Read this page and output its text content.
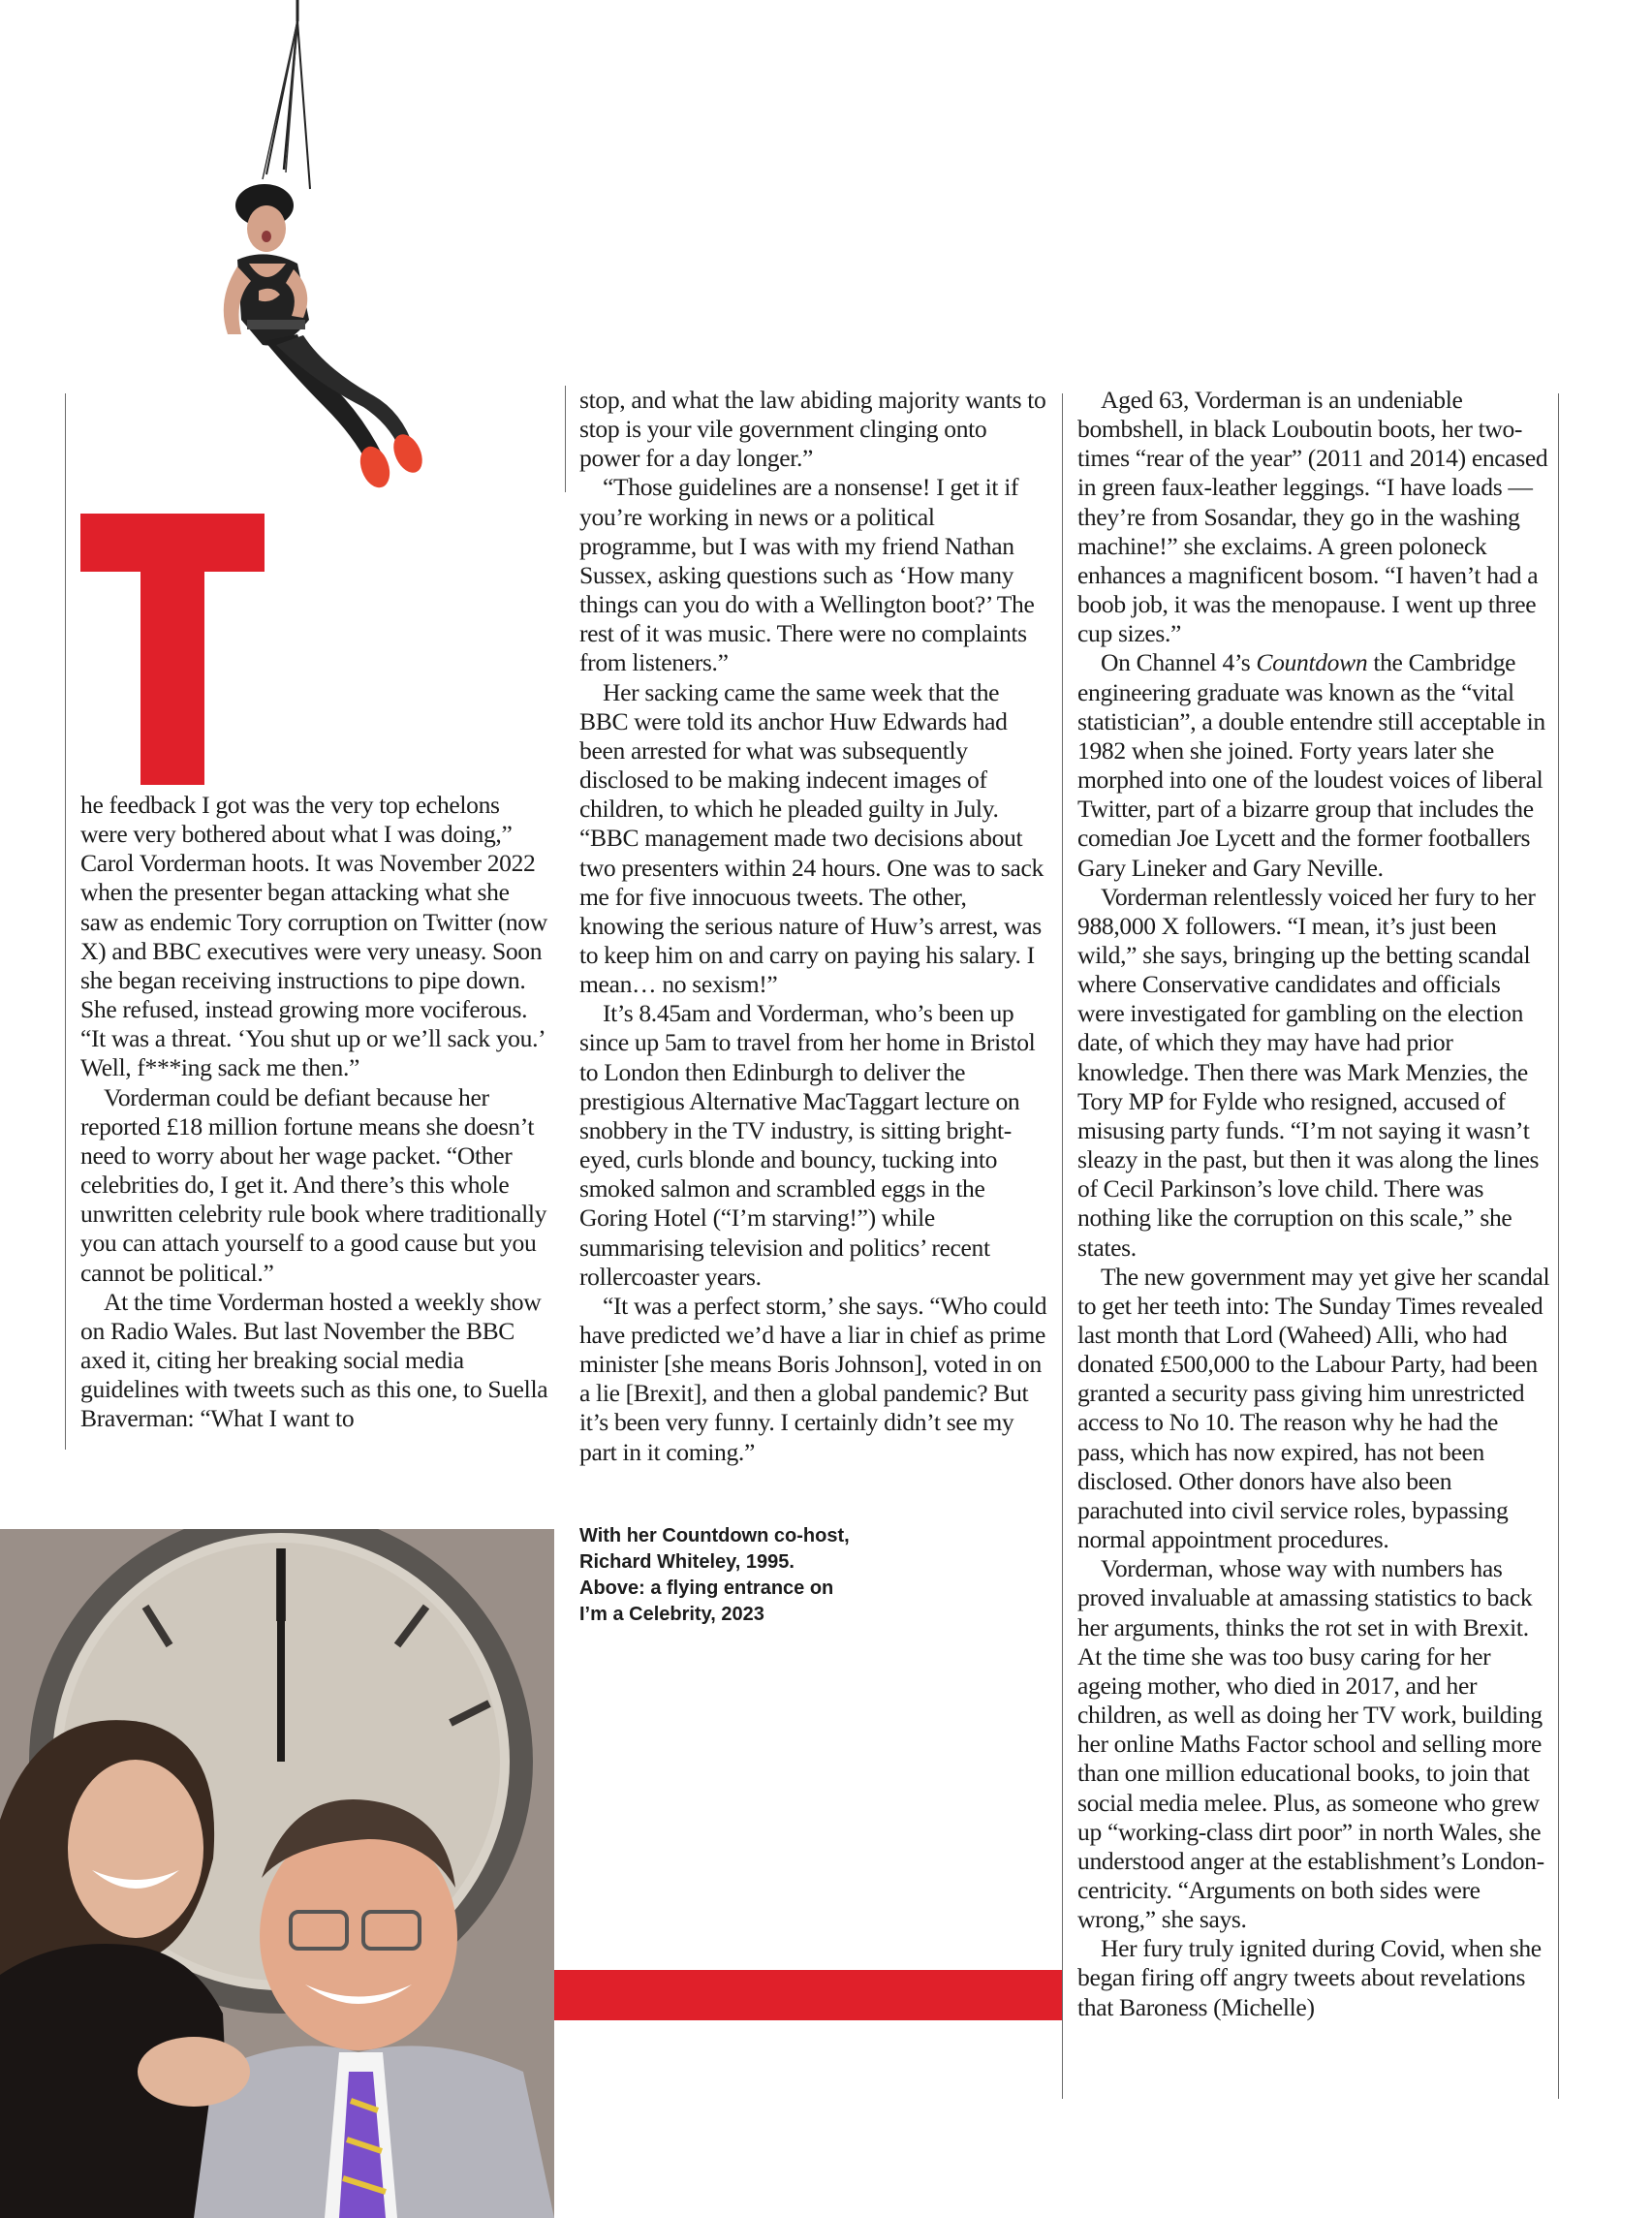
he feedback I got was the very top echelons were very bothered about what I was doing,” Carol Vorderman hoots. It was November 2022 when the presenter began attacking what she saw as endemic Tory corruption on Twitter (now X) and BBC executives were very uneasy. Soon she began receiving instructions to pipe down. She refused, instead growing more vociferous. “It was a threat. ‘You shut up or we’ll sack you.’ Well, f***ing sack me then.”

Vorderman could be defiant because her reported £18 million fortune means she doesn’t need to worry about her wage packet. “Other celebrities do, I get it. And there’s this whole unwritten celebrity rule book where traditionally you can attach yourself to a good cause but you cannot be political.”

At the time Vorderman hosted a weekly show on Radio Wales. But last November the BBC axed it, citing her breaking social media guidelines with tweets such as this one, to Suella Braverman: “What I want to

stop, and what the law abiding majority wants to stop is your vile government clinging onto power for a day longer.”

“Those guidelines are a nonsense! I get it if you’re working in news or a political programme, but I was with my friend Nathan Sussex, asking questions such as ‘How many things can you do with a Wellington boot?’ The rest of it was music. There were no complaints from listeners.”

Her sacking came the same week that the BBC were told its anchor Huw Edwards had been arrested for what was subsequently disclosed to be making indecent images of children, to which he pleaded guilty in July. “BBC management made two decisions about two presenters within 24 hours. One was to sack me for five innocuous tweets. The other, knowing the serious nature of Huw’s arrest, was to keep him on and carry on paying his salary. I mean… no sexism!”

It’s 8.45am and Vorderman, who’s been up since up 5am to travel from her home in Bristol to London then Edinburgh to deliver the prestigious Alternative MacTaggart lecture on snobbery in the TV industry, is sitting bright-eyed, curls blonde and bouncy, tucking into smoked salmon and scrambled eggs in the Goring Hotel (“I’m starving!”) while summarising television and politics’ recent rollercoaster years.

“It was a perfect storm,’ she says. “Who could have predicted we’d have a liar in chief as prime minister [she means Boris Johnson], voted in on a lie [Brexit], and then a global pandemic? But it’s been very funny. I certainly didn’t see my part in it coming.”

Aged 63, Vorderman is an undeniable bombshell, in black Louboutin boots, her two-times “rear of the year” (2011 and 2014) encased in green faux-leather leggings. “I have loads — they’re from Sosandar, they go in the washing machine!” she exclaims. A green poloneck enhances a magnificent bosom. “I haven’t had a boob job, it was the menopause. I went up three cup sizes.”

On Channel 4’s Countdown the Cambridge engineering graduate was known as the “vital statistician”, a double entendre still acceptable in 1982 when she joined. Forty years later she morphed into one of the loudest voices of liberal Twitter, part of a bizarre group that includes the comedian Joe Lycett and the former footballers Gary Lineker and Gary Neville.

Vorderman relentlessly voiced her fury to her 988,000 X followers. “I mean, it’s just been wild,” she says, bringing up the betting scandal where Conservative candidates and officials were investigated for gambling on the election date, of which they may have had prior knowledge. Then there was Mark Menzies, the Tory MP for Fylde who resigned, accused of misusing party funds. “I’m not saying it wasn’t sleazy in the past, but then it was along the lines of Cecil Parkinson’s love child. There was nothing like the corruption on this scale,” she states.

The new government may yet give her scandal to get her teeth into: The Sunday Times revealed last month that Lord (Waheed) Alli, who had donated £500,000 to the Labour Party, had been granted a security pass giving him unrestricted access to No 10. The reason why he had the pass, which has now expired, has not been disclosed. Other donors have also been parachuted into civil service roles, bypassing normal appointment procedures.

Vorderman, whose way with numbers has proved invaluable at amassing statistics to back her arguments, thinks the rot set in with Brexit. At the time she was too busy caring for her ageing mother, who died in 2017, and her children, as well as doing her TV work, building her online Maths Factor school and selling more than one million educational books, to join that social media melee. Plus, as someone who grew up “working-class dirt poor” in north Wales, she understood anger at the establishment’s London-centricity. “Arguments on both sides were wrong,” she says.

Her fury truly ignited during Covid, when she began firing off angry tweets about revelations that Baroness (Michelle)

With her Countdown co-host,
Richard Whiteley, 1995.
Above: a flying entrance on
I’m a Celebrity, 2023
